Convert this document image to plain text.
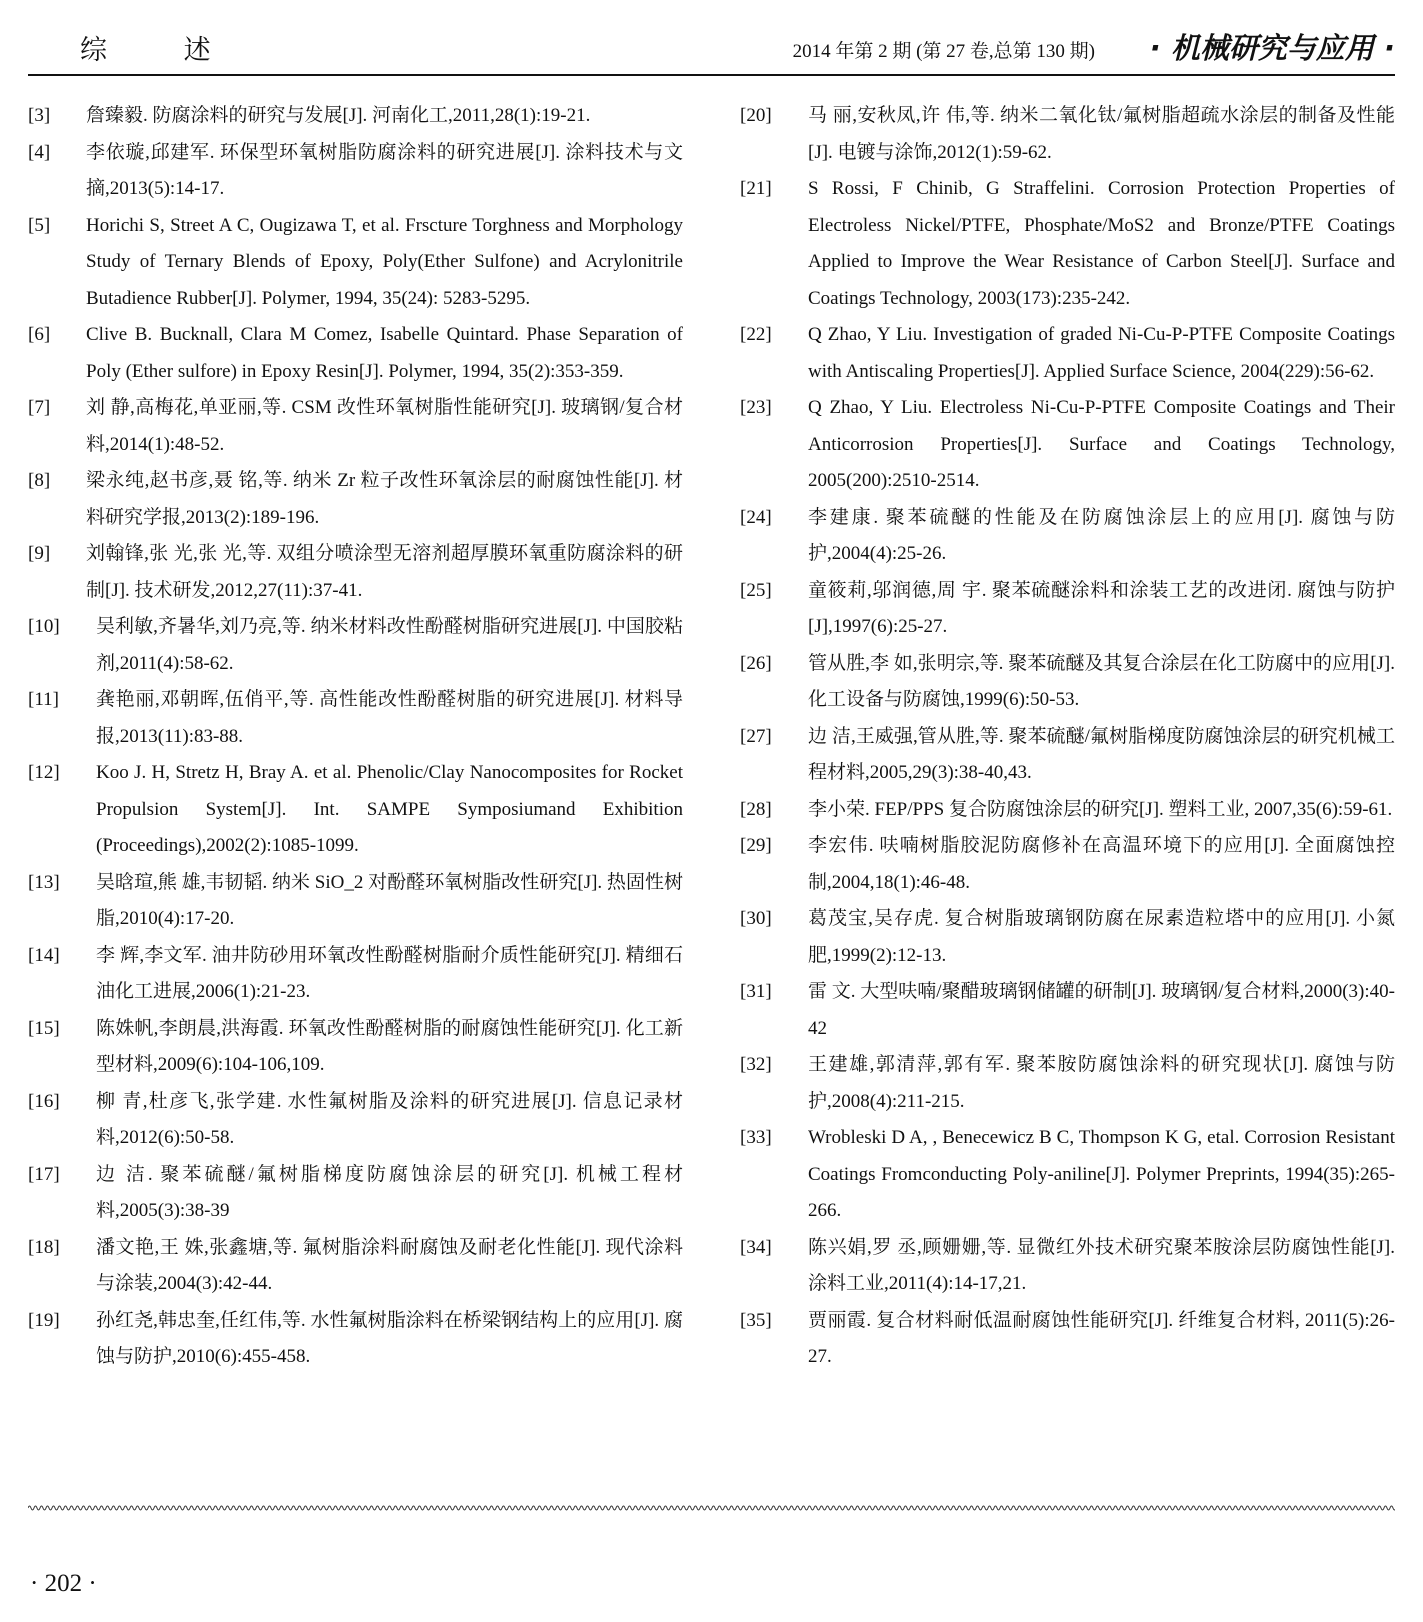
综 述	2014 年第 2 期 (第 27 卷,总第 130 期) · 机械研究与应用 ·
[3]	詹臻毅. 防腐涂料的研究与发展[J]. 河南化工,2011,28(1):19-21.
[4]	李依璇,邱建军. 环保型环氧树脂防腐涂料的研究进展[J]. 涂料技术与文摘,2013(5):14-17.
[5]	Horichi S, Street A C, Ougizawa T, et al. Frscture Torghness and Morphology Study of Ternary Blends of Epoxy, Poly(Ether Sulfone) and Acrylonitrile Butadience Rubber[J]. Polymer, 1994, 35(24): 5283-5295.
[6]	Clive B. Bucknall, Clara M Comez, Isabelle Quintard. Phase Separation of Poly (Ether sulfore) in Epoxy Resin[J]. Polymer, 1994, 35(2):353-359.
[7]	刘 静,高梅花,单亚丽,等. CSM 改性环氧树脂性能研究[J]. 玻璃钢/复合材料,2014(1):48-52.
[8]	梁永纯,赵书彦,聂 铭,等. 纳米 Zr 粒子改性环氧涂层的耐腐蚀性能[J]. 材料研究学报,2013(2):189-196.
[9]	刘翰锋,张 光,张 光,等. 双组分喷涂型无溶剂超厚膜环氧重防腐涂料的研制[J]. 技术研发,2012,27(11):37-41.
[10]	吴利敏,齐暑华,刘乃亮,等. 纳米材料改性酚醛树脂研究进展[J]. 中国胶粘剂,2011(4):58-62.
[11]	龚艳丽,邓朝晖,伍俏平,等. 高性能改性酚醛树脂的研究进展[J]. 材料导报,2013(11):83-88.
[12]	Koo J. H, Stretz H, Bray A. et al. Phenolic/Clay Nanocomposites for Rocket Propulsion System[J]. Int. SAMPE Symposiumand Exhibition (Proceedings),2002(2):1085-1099.
[13]	吴晗瑄,熊 雄,韦韧韬. 纳米 SiO_2 对酚醛环氧树脂改性研究[J]. 热固性树脂,2010(4):17-20.
[14]	李 辉,李文军. 油井防砂用环氧改性酚醛树脂耐介质性能研究[J]. 精细石油化工进展,2006(1):21-23.
[15]	陈姝帆,李朗晨,洪海霞. 环氧改性酚醛树脂的耐腐蚀性能研究[J]. 化工新型材料,2009(6):104-106,109.
[16]	柳 青,杜彦飞,张学建. 水性氟树脂及涂料的研究进展[J]. 信息记录材料,2012(6):50-58.
[17]	边 洁. 聚苯硫醚/氟树脂梯度防腐蚀涂层的研究[J]. 机械工程材料,2005(3):38-39
[18]	潘文艳,王 姝,张鑫塘,等. 氟树脂涂料耐腐蚀及耐老化性能[J]. 现代涂料与涂装,2004(3):42-44.
[19]	孙红尧,韩忠奎,任红伟,等. 水性氟树脂涂料在桥梁钢结构上的应用[J]. 腐蚀与防护,2010(6):455-458.
[20]	马 丽,安秋凤,许 伟,等. 纳米二氧化钛/氟树脂超疏水涂层的制备及性能[J]. 电镀与涂饰,2012(1):59-62.
[21]	S Rossi, F Chinib, G Straffelini. Corrosion Protection Properties of Electroless Nickel/PTFE, Phosphate/MoS2 and Bronze/PTFE Coatings Applied to Improve the Wear Resistance of Carbon Steel[J]. Surface and Coatings Technology, 2003(173):235-242.
[22]	Q Zhao, Y Liu. Investigation of graded Ni-Cu-P-PTFE Composite Coatings with Antiscaling Properties[J]. Applied Surface Science, 2004(229):56-62.
[23]	Q Zhao, Y Liu. Electroless Ni-Cu-P-PTFE Composite Coatings and Their Anticorrosion Properties[J]. Surface and Coatings Technology, 2005(200):2510-2514.
[24]	李建康. 聚苯硫醚的性能及在防腐蚀涂层上的应用[J]. 腐蚀与防护,2004(4):25-26.
[25]	童筱莉,邬润德,周 宇. 聚苯硫醚涂料和涂装工艺的改进闭. 腐蚀与防护[J],1997(6):25-27.
[26]	管从胜,李 如,张明宗,等. 聚苯硫醚及其复合涂层在化工防腐中的应用[J]. 化工设备与防腐蚀,1999(6):50-53.
[27]	边 洁,王威强,管从胜,等. 聚苯硫醚/氟树脂梯度防腐蚀涂层的研究机械工程材料,2005,29(3):38-40,43.
[28]	李小荣. FEP/PPS 复合防腐蚀涂层的研究[J]. 塑料工业, 2007,35(6):59-61.
[29]	李宏伟. 呋喃树脂胶泥防腐修补在高温环境下的应用[J]. 全面腐蚀控制,2004,18(1):46-48.
[30]	葛茂宝,吴存虎. 复合树脂玻璃钢防腐在尿素造粒塔中的应用[J]. 小氮肥,1999(2):12-13.
[31]	雷 文. 大型呋喃/聚醋玻璃钢储罐的研制[J]. 玻璃钢/复合材料,2000(3):40-42
[32]	王建雄,郭清萍,郭有军. 聚苯胺防腐蚀涂料的研究现状[J]. 腐蚀与防护,2008(4):211-215.
[33]	Wrobleski D A, , Benecewicz B C, Thompson K G, etal. Corrosion Resistant Coatings Fromconducting Poly-aniline[J]. Polymer Preprints, 1994(35):265-266.
[34]	陈兴娟,罗 丞,顾姗姗,等. 显微红外技术研究聚苯胺涂层防腐蚀性能[J]. 涂料工业,2011(4):14-17,21.
[35]	贾丽霞. 复合材料耐低温耐腐蚀性能研究[J]. 纤维复合材料, 2011(5):26-27.
· 202 ·
